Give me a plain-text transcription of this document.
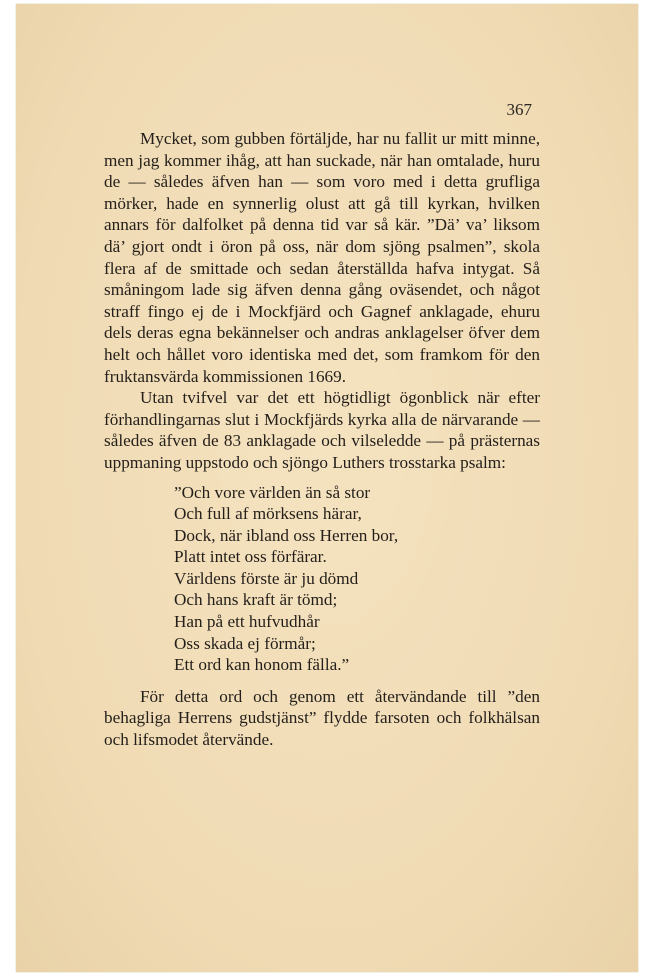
367

Mycket, som gubben förtäljde, har nu fallit ur mitt minne, men jag kommer ihåg, att han suckade, när han omtalade, huru de — således äfven han — som voro med i detta grufliga mörker, hade en synnerlig olust att gå till kyrkan, hvilken annars för dalfolket på denna tid var så kär. ”Dä’ va’ liksom dä’ gjort ondt i öron på oss, när dom sjöng psalmen”, skola flera af de smittade och sedan återställda hafva intygat. Så småningom lade sig äfven denna gång oväsendet, och något straff fingo ej de i Mockfjärd och Gagnef anklagade, ehuru dels deras egna bekännelser och andras anklagelser öfver dem helt och hållet voro identiska med det, som framkom för den fruktansvärda kommissionen 1669.

Utan tvifvel var det ett högtidligt ögonblick när efter förhandlingarnas slut i Mockfjärds kyrka alla de närvarande — således äfven de 83 anklagade och vilseledde — på prästernas uppmaning uppstodo och sjöngo Luthers trosstarka psalm:

”Och vore världen än så stor
Och full af mörksens härar,
Dock, när ibland oss Herren bor,
Platt intet oss förfärar.
Världens förste är ju dömd
Och hans kraft är tömd;
Han på ett hufvudhår
Oss skada ej förmår;
Ett ord kan honom fälla.”

För detta ord och genom ett återvändande till ”den behagliga Herrens gudstjänst” flydde farsoten och folkhälsan och lifsmodet återvände.
